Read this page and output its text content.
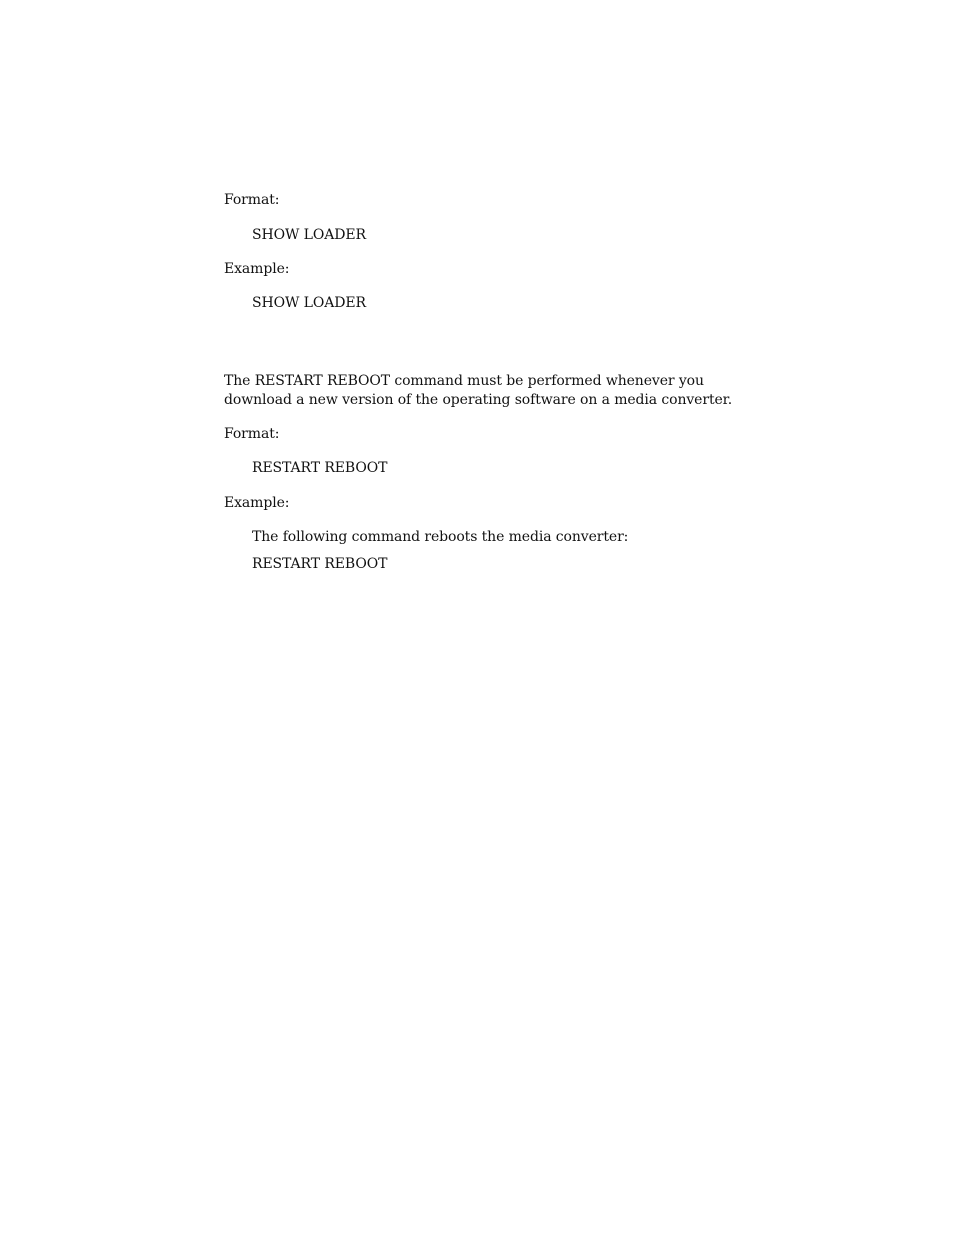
Format:
SHOW LOADER
Example:
SHOW LOADER
The RESTART REBOOT command must be performed whenever you
download a new version of the operating software on a media converter.
Format:
RESTART REBOOT
Example:
The following command reboots the media converter:
RESTART REBOOT
